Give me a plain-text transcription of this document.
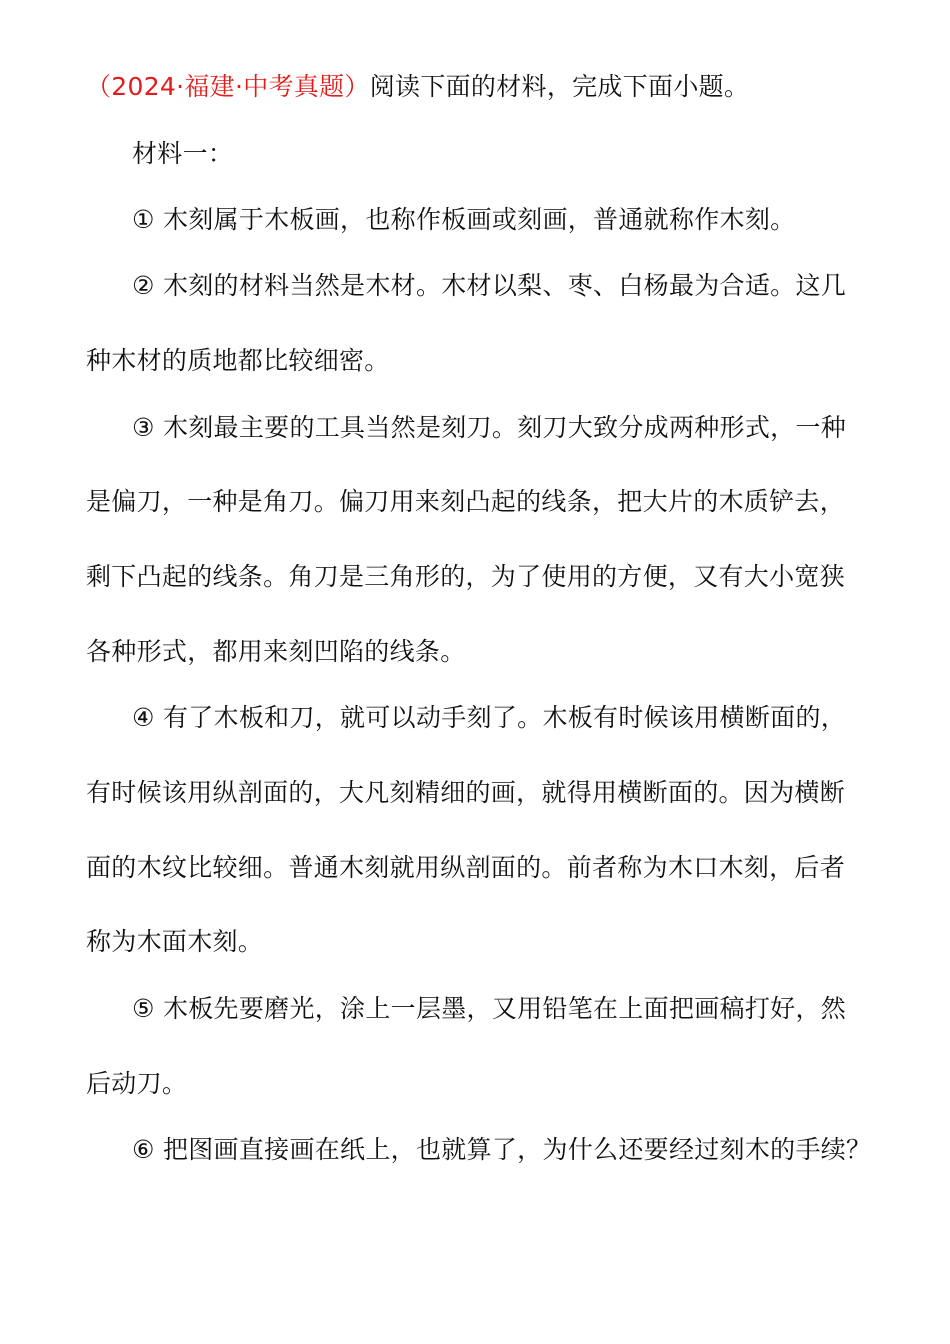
（2024·福建·中考真题）阅读下面的材料，完成下面小题。
材料一：
① 木刻属于木板画，也称作板画或刻画，普通就称作木刻。
② 木刻的材料当然是木材。木材以梨、枣、白杨最为合适。这几
种木材的质地都比较细密。
③ 木刻最主要的工具当然是刻刀。刻刀大致分成两种形式，一种
是偏刀，一种是角刀。偏刀用来刻凸起的线条，把大片的木质铲去，
剩下凸起的线条。角刀是三角形的，为了使用的方便，又有大小宽狭
各种形式，都用来刻凹陷的线条。
④ 有了木板和刀，就可以动手刻了。木板有时候该用横断面的，
有时候该用纵剖面的，大凡刻精细的画，就得用横断面的。因为横断
面的木纹比较细。普通木刻就用纵剖面的。前者称为木口木刻，后者
称为木面木刻。
⑤ 木板先要磨光，涂上一层墨，又用铅笔在上面把画稿打好，然
后动刀。
⑥ 把图画直接画在纸上，也就算了，为什么还要经过刻木的手续？
